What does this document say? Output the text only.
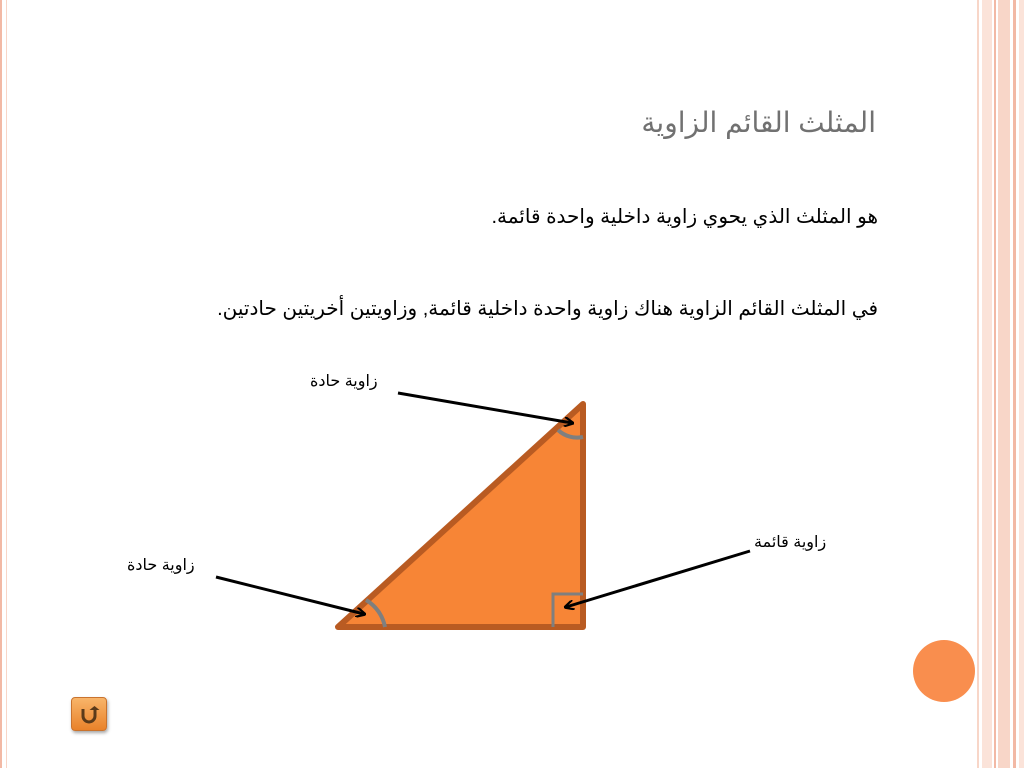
المثلث القائم الزاوية
هو المثلث الذي يحوي زاوية داخلية واحدة قائمة.
في المثلث القائم الزاوية هناك زاوية واحدة داخلية قائمة, وزاويتين أخريتين حادتين.
زاوية حادة
زاوية حادة
زاوية قائمة
